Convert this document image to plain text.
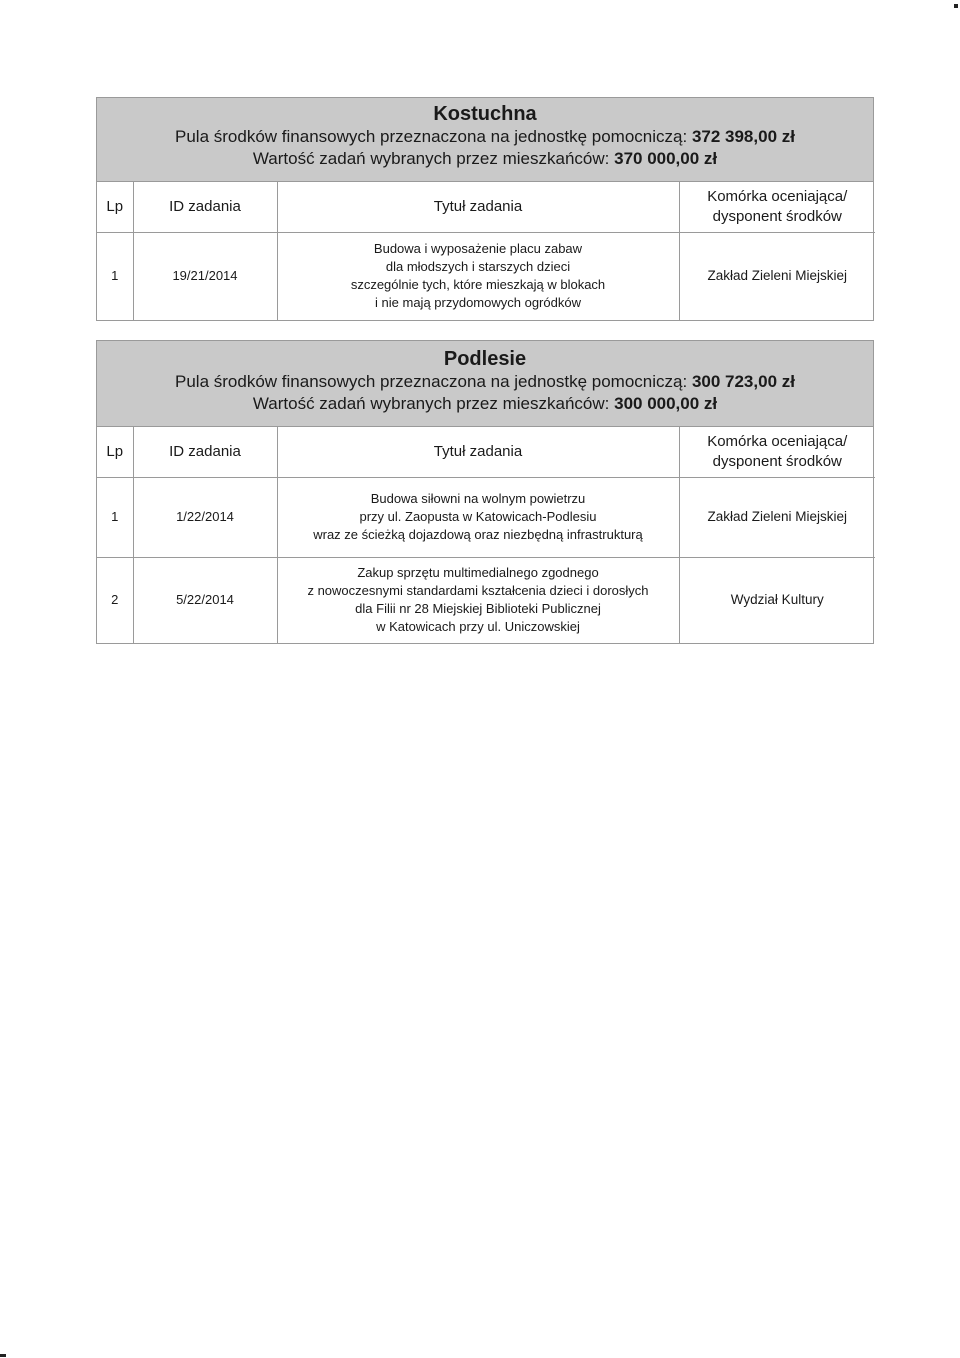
Kostuchna
Pula środków finansowych przeznaczona na jednostkę pomocniczą: 372 398,00 zł
Wartość zadań wybranych przez mieszkańców: 370 000,00 zł
Lp	ID zadania	Tytuł zadania	Komórka oceniająca/
dysponent środków

1	19/21/2014	Budowa i wyposażenie placu zabaw
dla młodszych i starszych dzieci
szczególnie tych, które mieszkają w blokach
i nie mają przydomowych ogródków	Zakład Zieleni Miejskiej
Podlesie
Pula środków finansowych przeznaczona na jednostkę pomocniczą: 300 723,00 zł
Wartość zadań wybranych przez mieszkańców: 300 000,00 zł
Lp	ID zadania	Tytuł zadania	Komórka oceniająca/
dysponent środków

1	1/22/2014	Budowa siłowni na wolnym powietrzu
przy ul. Zaopusta w Katowicach-Podlesiu
wraz ze ścieżką dojazdową oraz niezbędną infrastrukturą	Zakład Zieleni Miejskiej
2	5/22/2014	Zakup sprzętu multimedialnego zgodnego
z nowoczesnymi standardami kształcenia dzieci i dorosłych
dla Filii nr 28 Miejskiej Biblioteki Publicznej
w Katowicach przy ul. Uniczowskiej	Wydział Kultury
